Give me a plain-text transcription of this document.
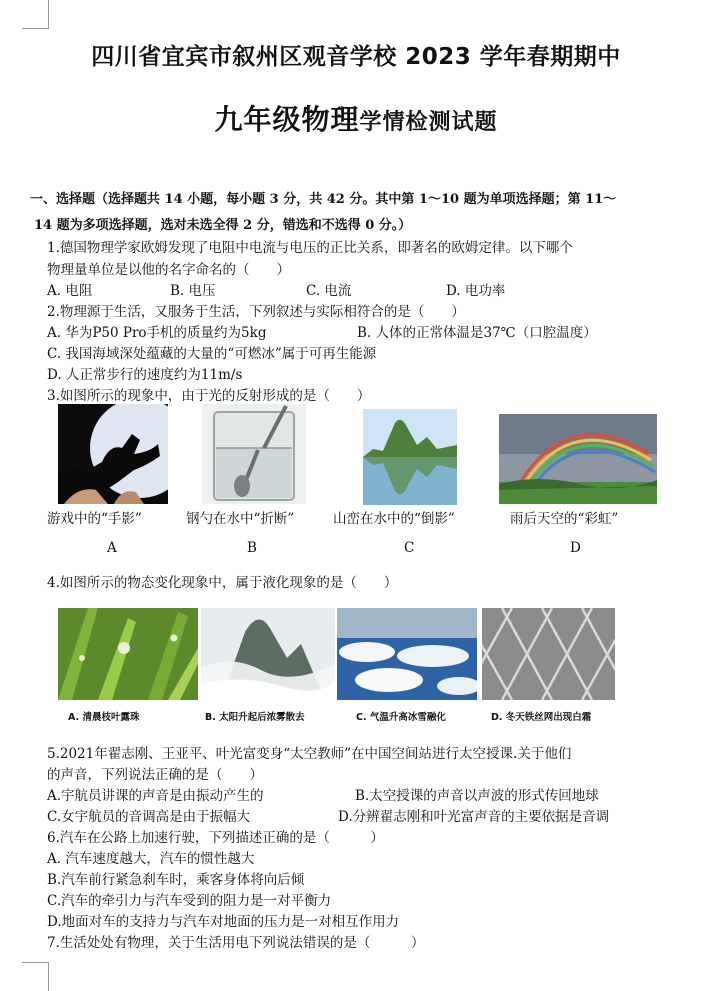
四川省宜宾市叙州区观音学校 2023 学年春期期中
九年级物理学情检测试题
一、选择题（选择题共 14 小题，每小题 3 分，共 42 分。其中第 1～10 题为单项选择题；第 11～
14 题为多项选择题，选对未选全得 2 分，错选和不选得 0 分。）
1.德国物理学家欧姆发现了电阻中电流与电压的正比关系，即著名的欧姆定律。以下哪个
物理量单位是以他的名字命名的（　　）
A. 电阻	B. 电压	C. 电流	D. 电功率
2.物理源于生活，又服务于生活，下列叙述与实际相符合的是（　　）
A. 华为P50 Pro手机的质量约为5kg	B. 人体的正常体温是37℃（口腔温度）
C. 我国海域深处蕴藏的大量的“可燃冰”属于可再生能源
D. 人正常步行的速度约为11m/s
3.如图所示的现象中，由于光的反射形成的是（　　）
游戏中的“手影”	钢勺在水中“折断”	山峦在水中的“倒影”	雨后天空的“彩虹”
A	B	C	D
4.如图所示的物态变化现象中，属于液化现象的是（　　）
A. 清晨枝叶露珠	B. 太阳升起后浓雾散去	C. 气温升高冰雪融化	D. 冬天铁丝网出现白霜
5.2021年翟志刚、王亚平、叶光富变身“太空教师”在中国空间站进行太空授课.关于他们
的声音，下列说法正确的是（　　）
A.宇航员讲课的声音是由振动产生的	B.太空授课的声音以声波的形式传回地球
C.女宇航员的音调高是由于振幅大	D.分辨翟志刚和叶光富声音的主要依据是音调
6.汽车在公路上加速行驶，下列描述正确的是（　　　）
A. 汽车速度越大，汽车的惯性越大
B.汽车前行紧急刹车时，乘客身体将向后倾
C.汽车的牵引力与汽车受到的阻力是一对平衡力
D.地面对车的支持力与汽车对地面的压力是一对相互作用力
7.生活处处有物理，关于生活用电下列说法错误的是（　　　）
